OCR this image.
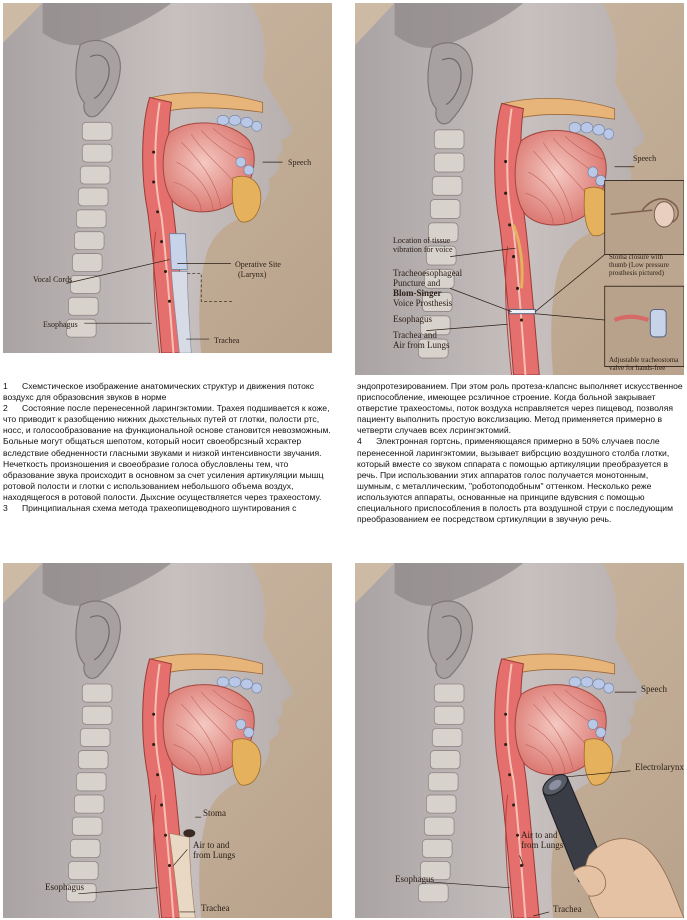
Speech
Operative Site
(Larynx)
Vocal Cords
Esophagus
Trachea
Speech
Location of tissue
vibration for voice
Tracheoesophageal
Puncture and
Blom-Singer
Voice Prosthesis
Esophagus
Trachea and
Air from Lungs
Stoma closure with
thumb (Low pressure
prosthesis pictured)
Adjustable tracheostoma
valve for hands-free

1 Схемстическое изображение анатомических структур и движения потокс воздухс для образовсния звуков в норме

2 Состояние после перенесенной ларингэктомии. Трахея подшивается к коже, что приводит к разобщению нижних дыхстельных путей от глотки, полости ртс, носс, и голосообразование на функциональной основе становится невозможным. Больные могут общаться шепотом, который носит своеобрсзный хсрактер вследствие обедненности гласными звуками и низкой интенсивности звучания. Нечеткость произношения и своеобразие голоса обусловлены тем, что образование звука происходит в основном за счет усиления артикуляции мышц ротовой полости и глотки с использованием небольшого объема воздух, находящегося в ротовой полости. Дыхсние осуществляется через трахеостому.

3 Принципиальная схема метода трахеопищеводного шунтирования с

эндопротезированием. При этом роль протеза-клапснс выполняет искусственное приспособление, имеющее рсзличное строение. Когда больной закрывает отверстие трахеостомы, поток воздуха нсправляется через пищевод, позволяя пациенту выполнить простую вокслизацию. Метод применяется примерно в четверти случаев всех лсрингэктомий.

4 Электронная гортснь, применяющаяся примерно в 50% случаев после перенесенной ларингэктомии, вызывает вибрсцию воздушного столба глотки, который вместе со звуком сппарата с помощью артикуляции преобразуется в речь. При использовании этих аппаратов голос получается монотонным, шумным, с металлическим, "роботоподобным" оттенком. Несколько реже используются аппараты, основанные на принципе вдувсния с помощью специального приспособления в полость рта воздушной струи с последующим преобразованием ее посредством сртикуляции в звучную речь.

Stoma
Air to and
from Lungs
Esophagus
Trachea
Speech
Electrolarynx
Air to and
from Lungs
Esophagus
Trachea
